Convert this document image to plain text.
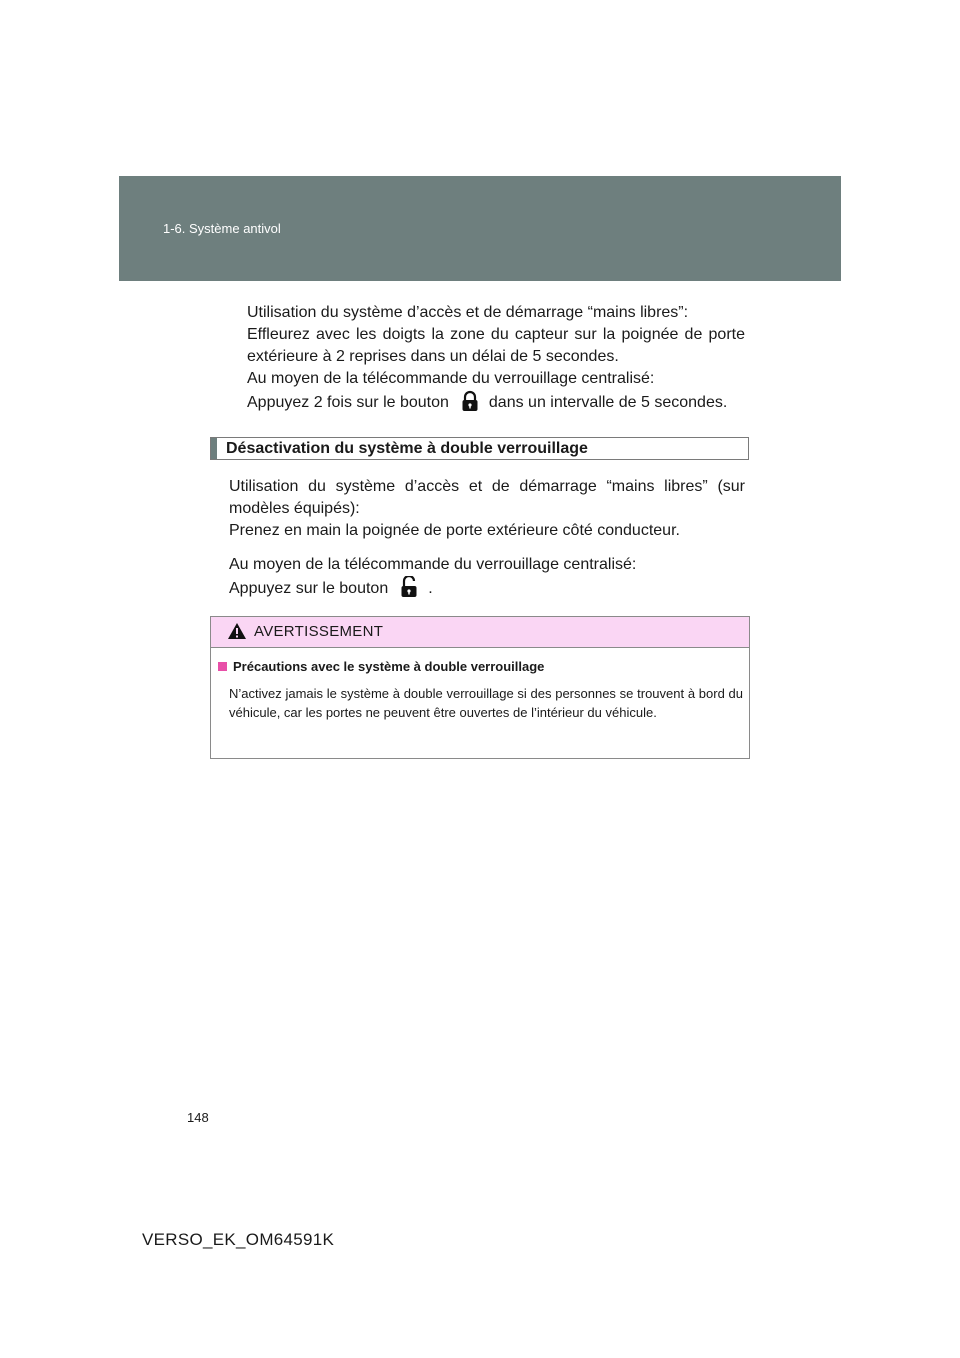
1-6. Système antivol
Utilisation du système d’accès et de démarrage “mains libres”:
Effleurez avec les doigts la zone du capteur sur la poignée de porte extérieure à 2 reprises dans un délai de 5 secondes.
Au moyen de la télécommande du verrouillage centralisé:
Appuyez 2 fois sur le bouton	dans un intervalle de 5 secondes.
Désactivation du système à double verrouillage
Utilisation du système d’accès et de démarrage “mains libres” (sur modèles équipés):
Prenez en main la poignée de porte extérieure côté conducteur.
Au moyen de la télécommande du verrouillage centralisé:
Appuyez sur le bouton	.
AVERTISSEMENT
Précautions avec le système à double verrouillage
N’activez jamais le système à double verrouillage si des personnes se trouvent à bord du véhicule, car les portes ne peuvent être ouvertes de l’intérieur du véhicule.
148
VERSO_EK_OM64591K
